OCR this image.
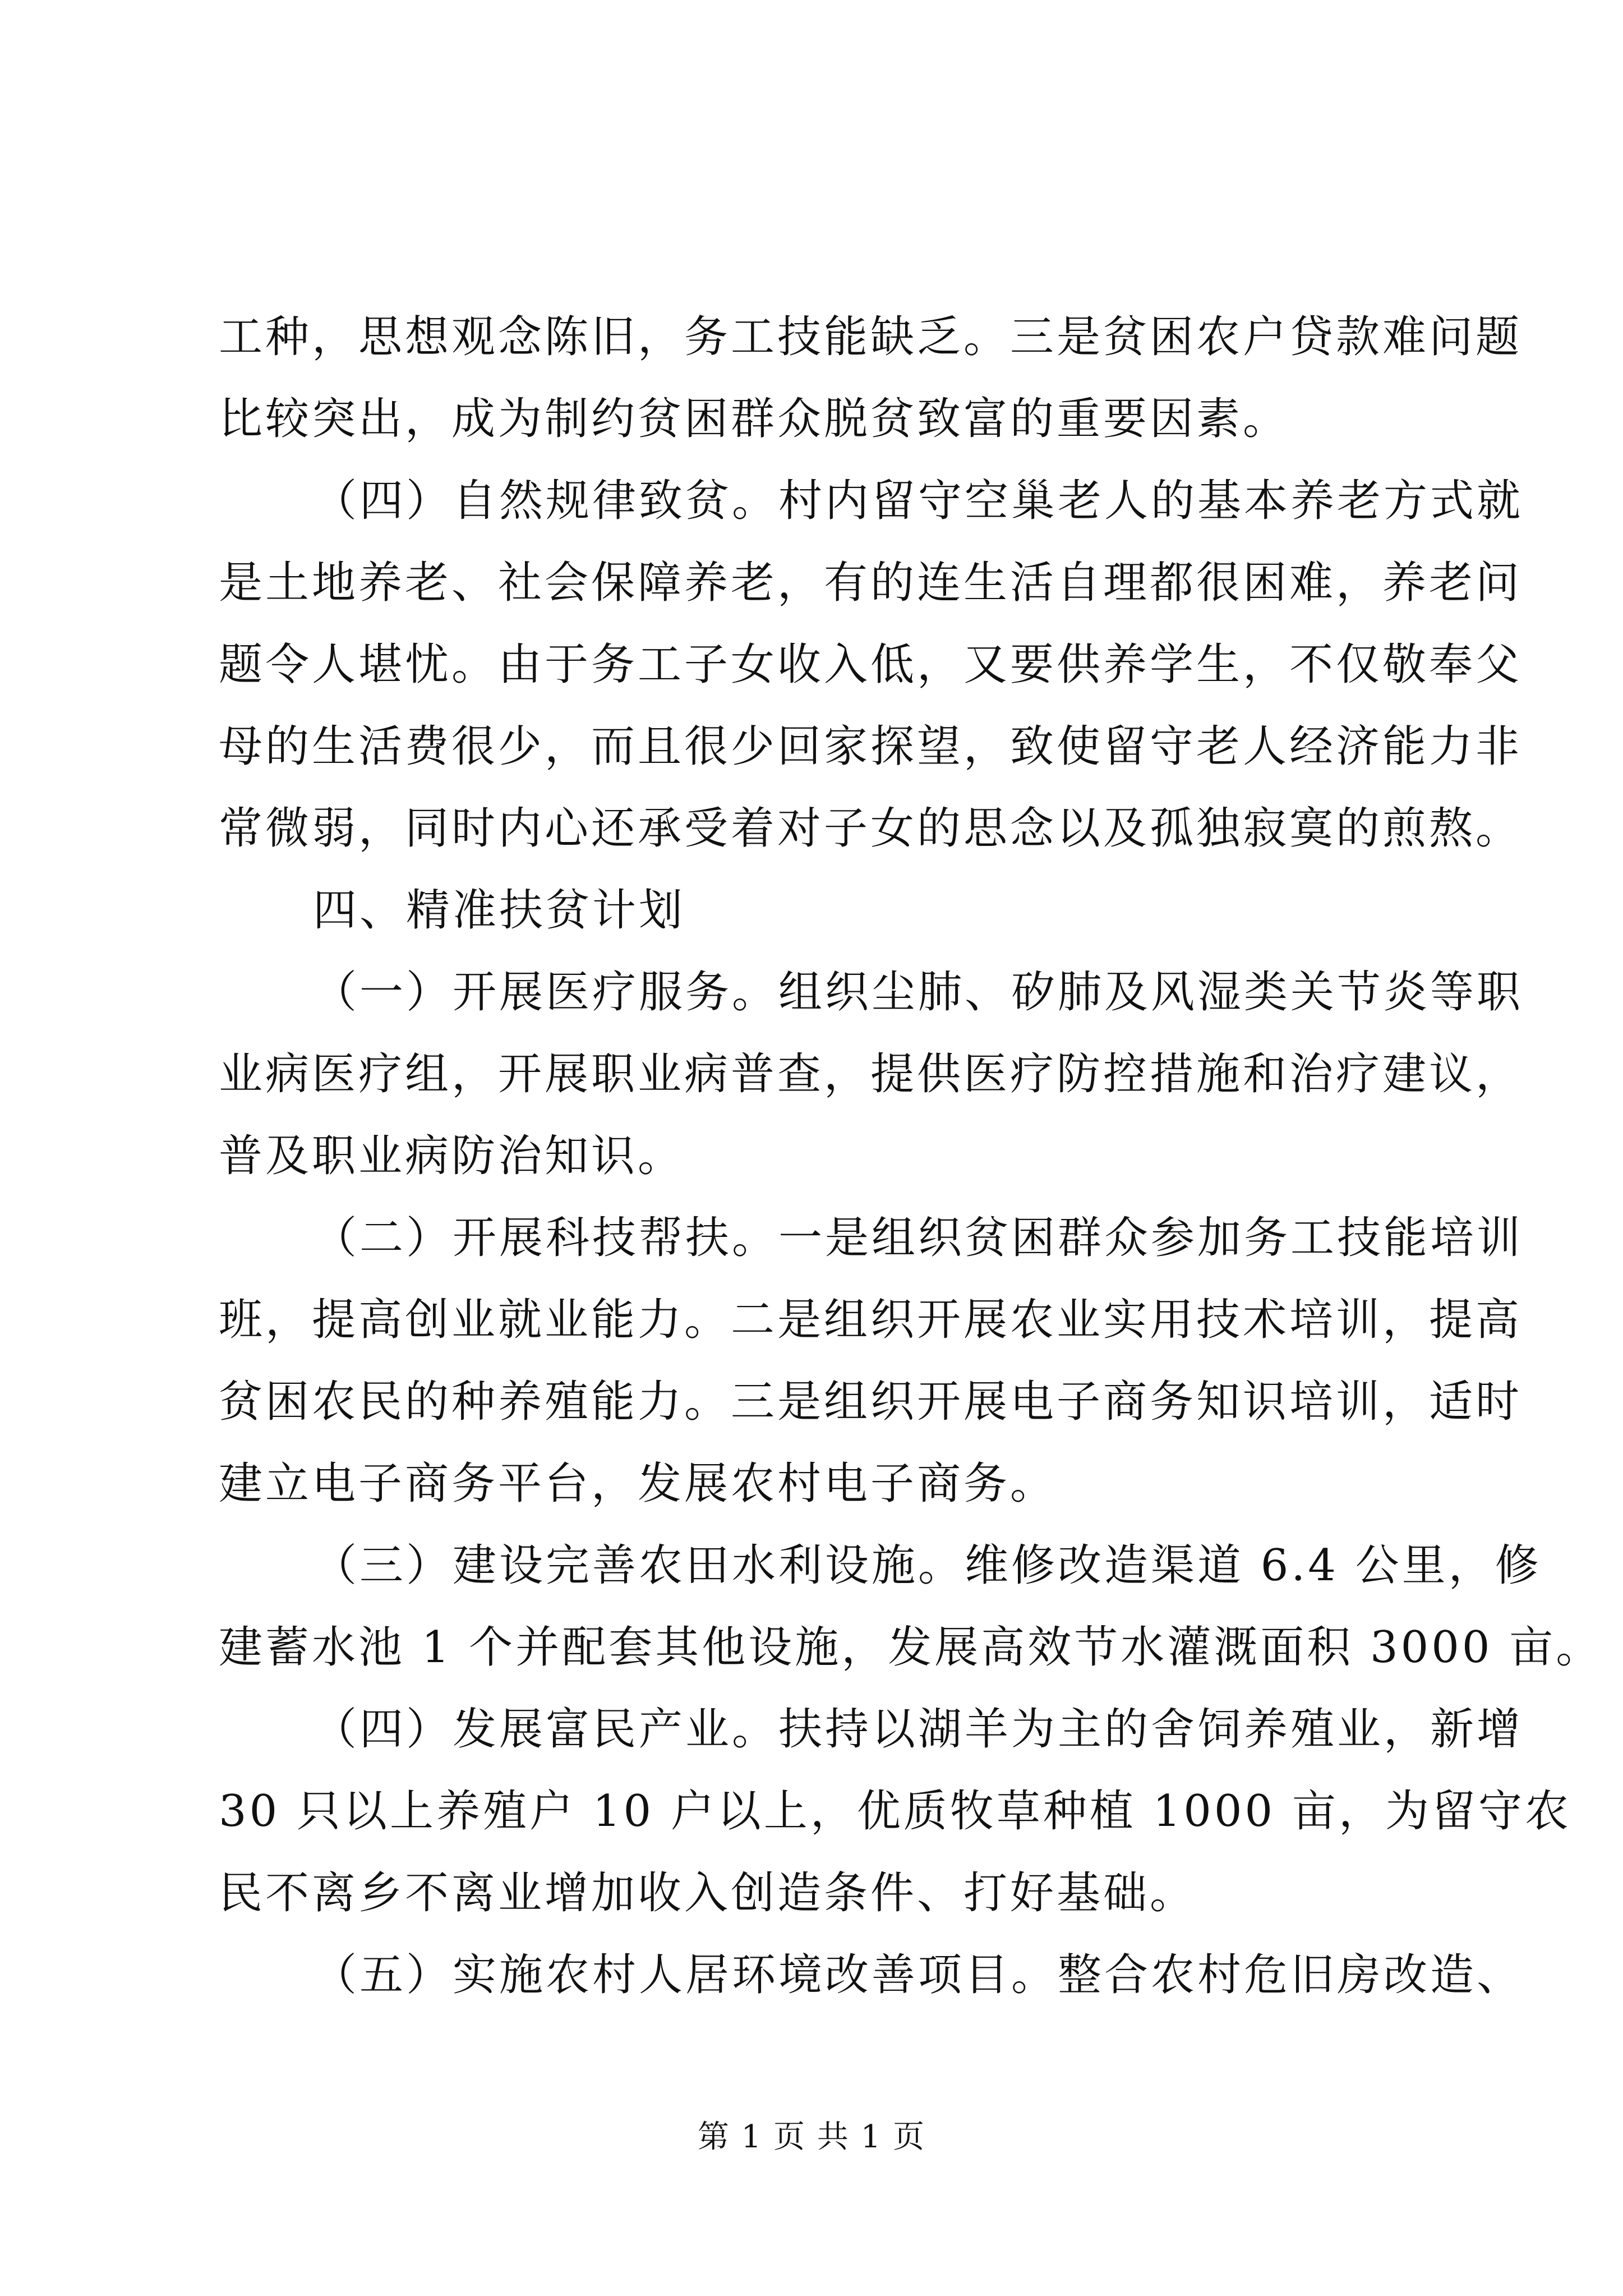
工种，思想观念陈旧，务工技能缺乏。三是贫困农户贷款难问题
比较突出，成为制约贫困群众脱贫致富的重要因素。
（四）自然规律致贫。村内留守空巢老人的基本养老方式就
是土地养老、社会保障养老，有的连生活自理都很困难，养老问
题令人堪忧。由于务工子女收入低，又要供养学生，不仅敬奉父
母的生活费很少，而且很少回家探望，致使留守老人经济能力非
常微弱，同时内心还承受着对子女的思念以及孤独寂寞的煎熬。
四、精准扶贫计划
（一）开展医疗服务。组织尘肺、矽肺及风湿类关节炎等职
业病医疗组，开展职业病普查，提供医疗防控措施和治疗建议，
普及职业病防治知识。
（二）开展科技帮扶。一是组织贫困群众参加务工技能培训
班，提高创业就业能力。二是组织开展农业实用技术培训，提高
贫困农民的种养殖能力。三是组织开展电子商务知识培训，适时
建立电子商务平台，发展农村电子商务。
（三）建设完善农田水利设施。维修改造渠道 6.4 公里，修
建蓄水池 1 个并配套其他设施，发展高效节水灌溉面积 3000 亩。
（四）发展富民产业。扶持以湖羊为主的舍饲养殖业，新增
30 只以上养殖户 10 户以上，优质牧草种植 1000 亩，为留守农
民不离乡不离业增加收入创造条件、打好基础。
（五）实施农村人居环境改善项目。整合农村危旧房改造、
第 1 页 共 1 页
